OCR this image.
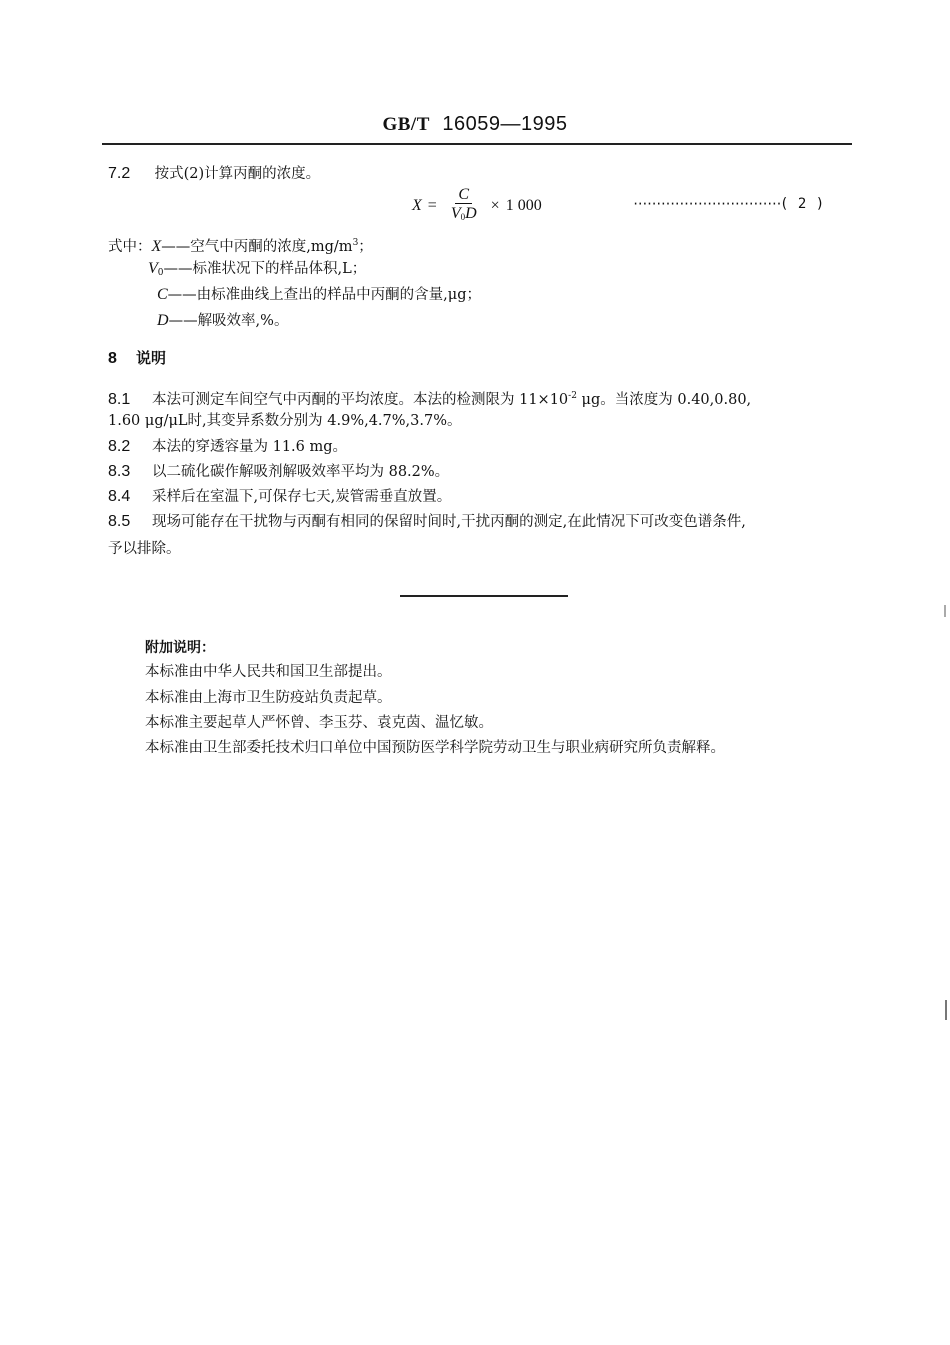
GB/T 16059—1995
7.2 按式(2)计算丙酮的浓度。
$X = \frac{C}{V_0D} \times 1$ 000	································( 2 )
式中：X——空气中丙酮的浓度$,mg/m^3$；
$V_0——$标准状况下的样品体积,L；
C——由标准曲线上查出的样品中丙酮的含量,μg；
D——解吸效率,%。
8 说明
8.1 本法可测定车间空气中丙酮的平均浓度。本法的检测限为 $11\times 10^{-2}$ μg。当浓度为 0.40,0.80,
1.60 μg/μL时,其变异系数分别为 4.9%,4.7%,3.7%。
8.2 本法的穿透容量为 11.6 mg。
8.3 以二硫化碳作解吸剂解吸效率平均为 88.2%。
8.4 采样后在室温下,可保存七天,炭管需垂直放置。
8.5 现场可能存在干扰物与丙酮有相同的保留时间时,干扰丙酮的测定,在此情况下可改变色谱条件,
予以排除。
附加说明：
本标准由中华人民共和国卫生部提出。
本标准由上海市卫生防疫站负责起草。
本标准主要起草人严怀曾、李玉芬、袁克茵、温忆敏。
本标准由卫生部委托技术归口单位中国预防医学科学院劳动卫生与职业病研究所负责解释。
